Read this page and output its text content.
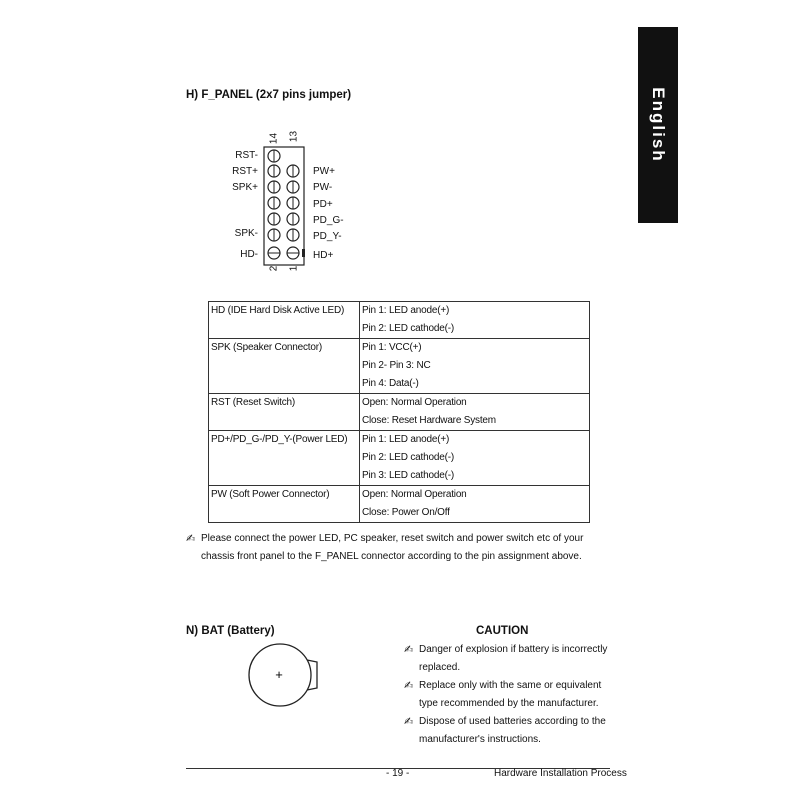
English
H) F_PANEL (2x7 pins jumper)
14 13
2 1
RST-
RST+
SPK+
SPK-
HD-
PW+
PW-
PD+
PD_G-
PD_Y-
HD+
HD (IDE Hard Disk Active LED)	Pin 1: LED anode(+)
Pin 2: LED cathode(-)

SPK (Speaker Connector)	Pin 1: VCC(+)
Pin 2- Pin 3: NC
Pin 4: Data(-)

RST (Reset Switch)	Open: Normal Operation
Close: Reset Hardware System

PD+/PD_G-/PD_Y-(Power LED)	Pin 1: LED anode(+)
Pin 2: LED cathode(-)
Pin 3: LED cathode(-)

PW (Soft Power Connector)	Open: Normal Operation
Close: Power On/Off
✍ Please connect the power LED, PC speaker, reset switch and power switch etc of your chassis front panel to the F_PANEL connector according to the pin assignment above.
N) BAT (Battery)
+
CAUTION
✍ Danger of explosion if battery is incorrectly replaced.
✍ Replace only with the same or equivalent type recommended by the manufacturer.
✍ Dispose of used batteries according to the manufacturer's instructions.
- 19 -	Hardware Installation Process
